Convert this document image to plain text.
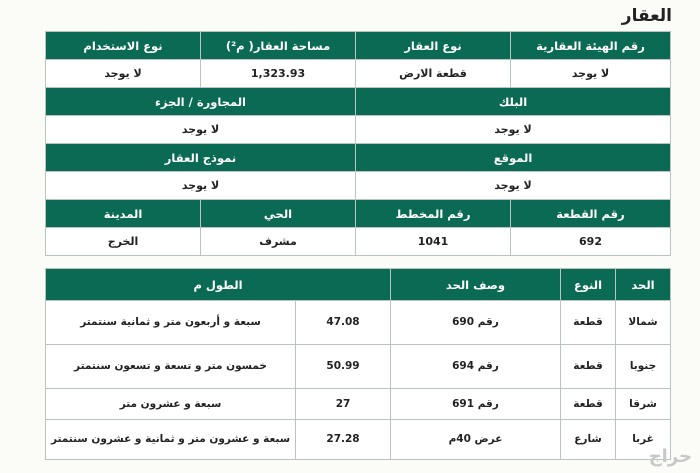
العقار
رقم الهيئة العقارية	نوع العقار	مساحة العقار( م²)	نوع الاستخدام
لا يوجد	قطعة الارض	1,323.93	لا يوجد
البلك		المجاورة / الجزء	
لا يوجد		لا يوجد	
الموقع		نموذج العقار	
لا يوجد		لا يوجد	
رقم القطعة	رقم المخطط	الحي	المدينة
692	1041	مشرف	الخرج
الحد	النوع	وصف الحد	الطول م	
شمالا	قطعة	رقم 690	47.08	سبعة و أربعون متر و ثمانية سنتمتر
جنوبا	قطعة	رقم 694	50.99	خمسون متر و تسعة و تسعون سنتمتر
شرقا	قطعة	رقم 691	27	سبعة و عشرون متر
غربا	شارع	عرض 40م	27.28	سبعة و عشرون متر و ثمانية و عشرون سنتمتر
حراج
